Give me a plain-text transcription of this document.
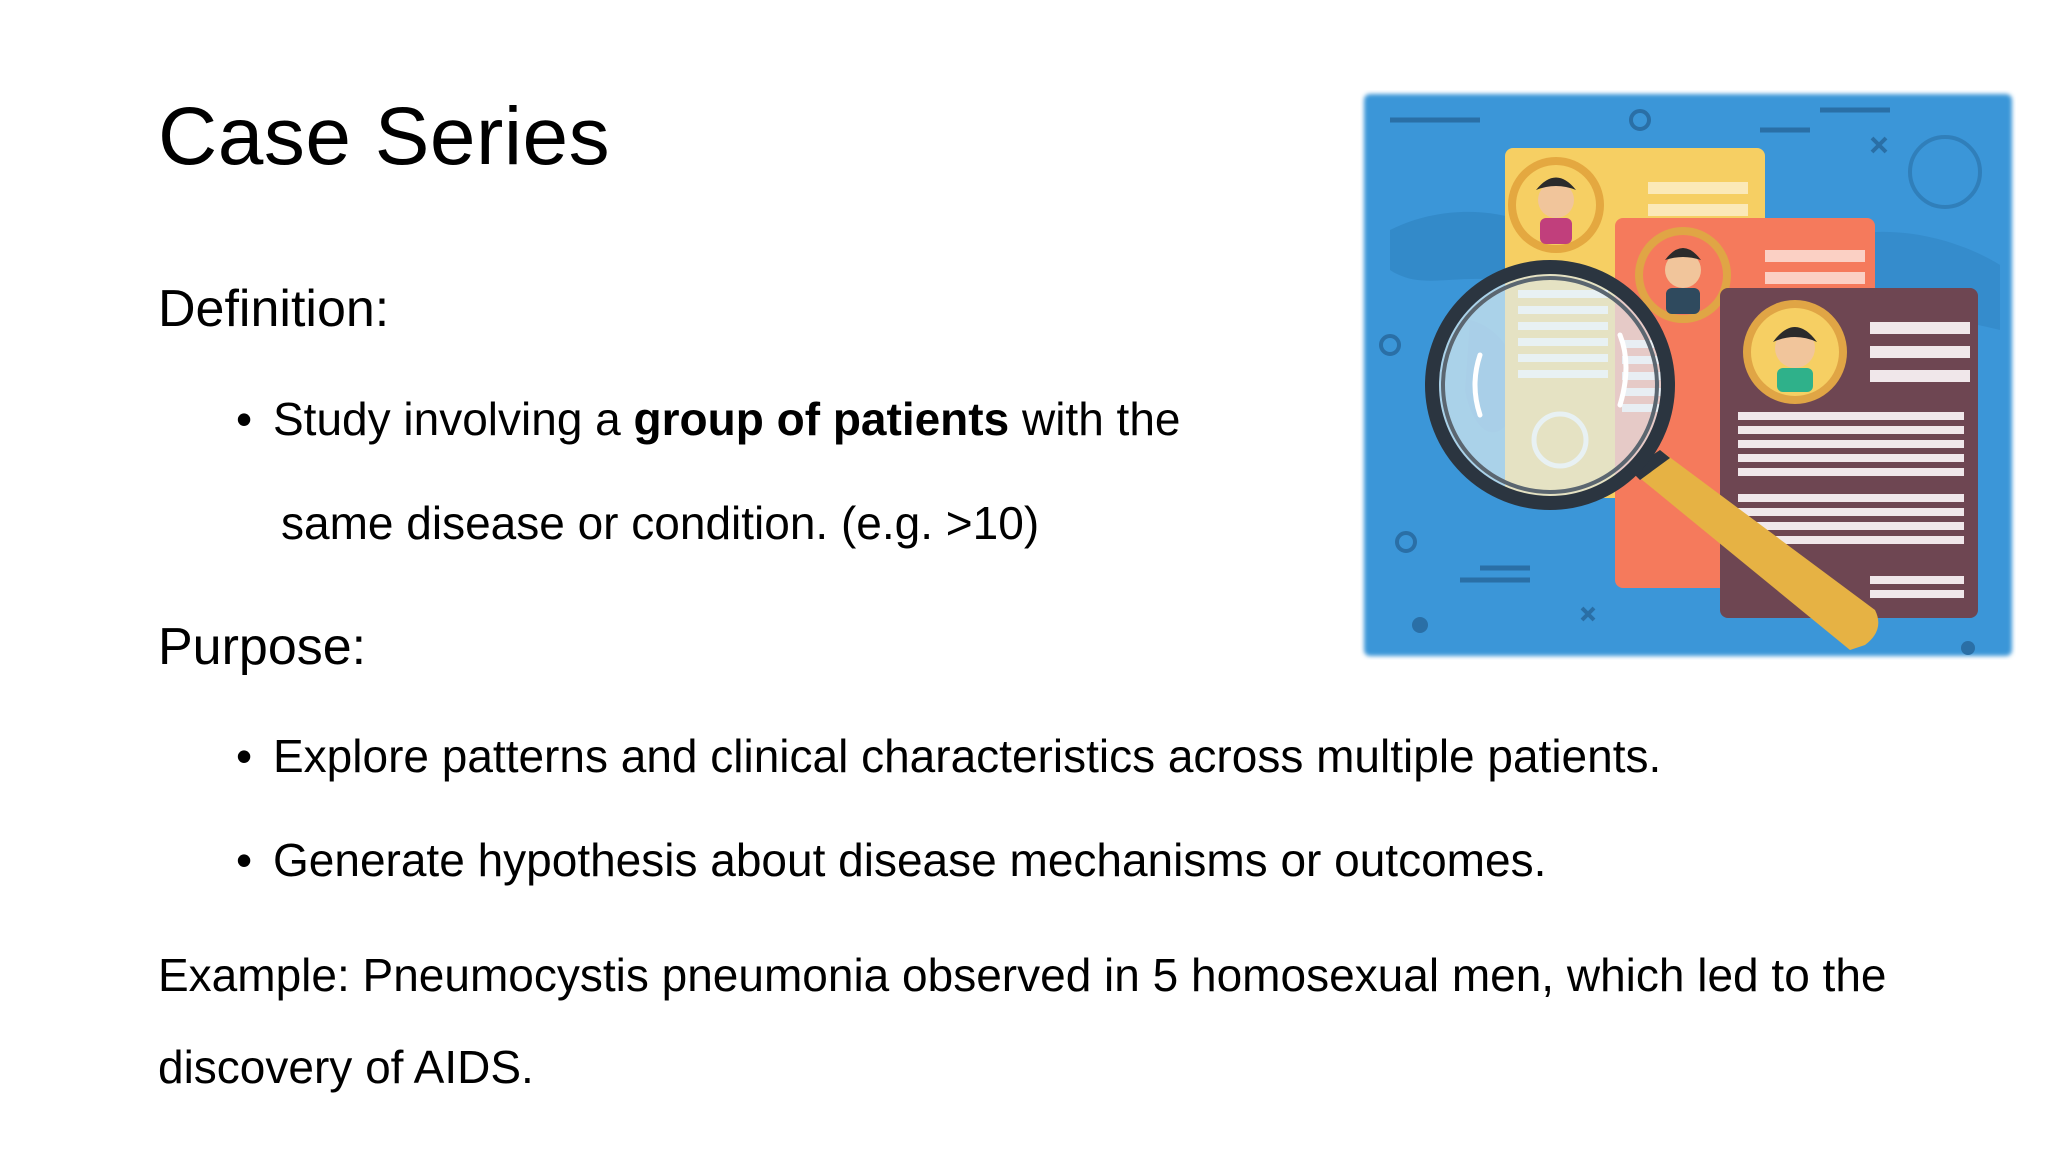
Case Series
Definition:
• Study involving a group of patients with the
same disease or condition. (e.g. >10)
Purpose:
• Explore patterns and clinical characteristics across multiple patients.
• Generate hypothesis about disease mechanisms or outcomes.
Example: Pneumocystis pneumonia observed in 5 homosexual men, which led to the
discovery of AIDS.
